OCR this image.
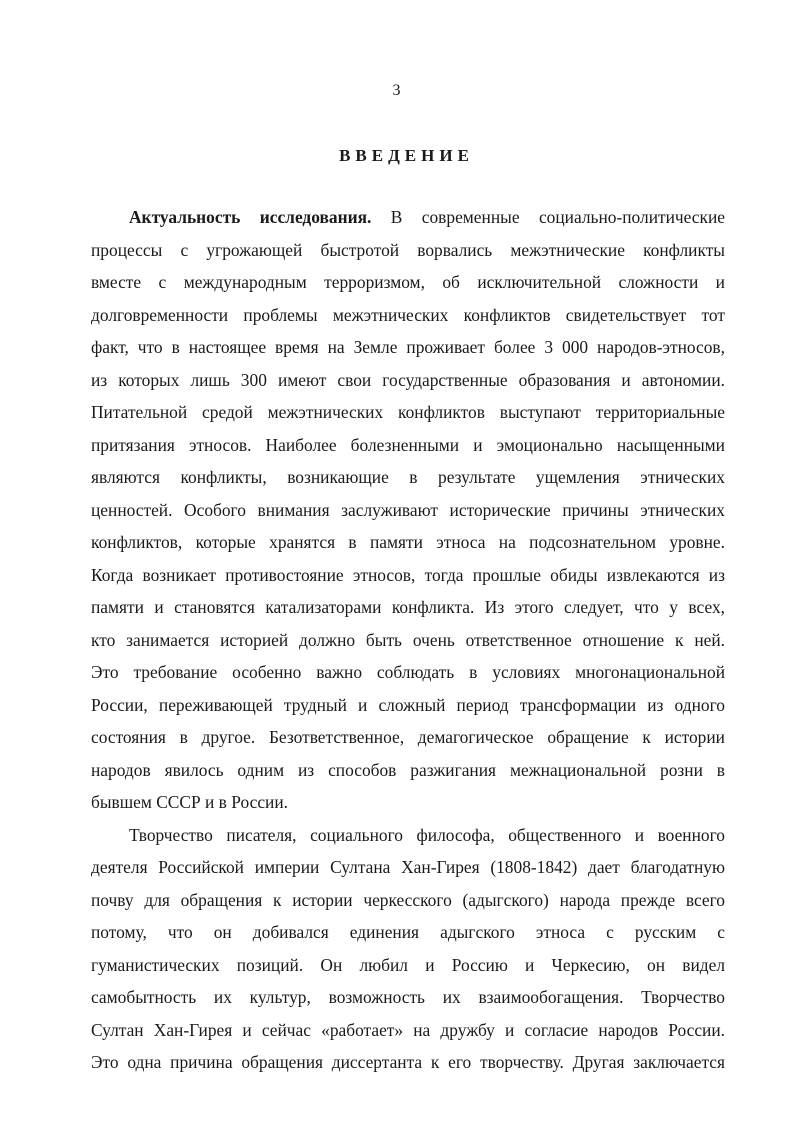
3
ВВЕДЕНИЕ
Актуальность исследования. В современные социально-политические
процессы с угрожающей быстротой ворвались межэтнические конфликты
вместе с международным терроризмом, об исключительной сложности и
долговременности проблемы межэтнических конфликтов свидетельствует тот
факт, что в настоящее время на Земле проживает более 3 000 народов-этносов,
из которых лишь 300 имеют свои государственные образования и автономии.
Питательной средой межэтнических конфликтов выступают территориальные
притязания этносов. Наиболее болезненными и эмоционально насыщенными
являются конфликты, возникающие в результате ущемления этнических
ценностей. Особого внимания заслуживают исторические причины этнических
конфликтов, которые хранятся в памяти этноса на подсознательном уровне.
Когда возникает противостояние этносов, тогда прошлые обиды извлекаются из
памяти и становятся катализаторами конфликта. Из этого следует, что у всех,
кто занимается историей должно быть очень ответственное отношение к ней.
Это требование особенно важно соблюдать в условиях многонациональной
России, переживающей трудный и сложный период трансформации из одного
состояния в другое. Безответственное, демагогическое обращение к истории
народов явилось одним из способов разжигания межнациональной розни в
бывшем СССР и в России.
Творчество писателя, социального философа, общественного и военного
деятеля Российской империи Султана Хан-Гирея (1808-1842) дает благодатную
почву для обращения к истории черкесского (адыгского) народа прежде всего
потому, что он добивался единения адыгского этноса с русским с
гуманистических позиций. Он любил и Россию и Черкесию, он видел
самобытность их культур, возможность их взаимообогащения. Творчество
Султан Хан-Гирея и сейчас «работает» на дружбу и согласие народов России.
Это одна причина обращения диссертанта к его творчеству. Другая заключается
